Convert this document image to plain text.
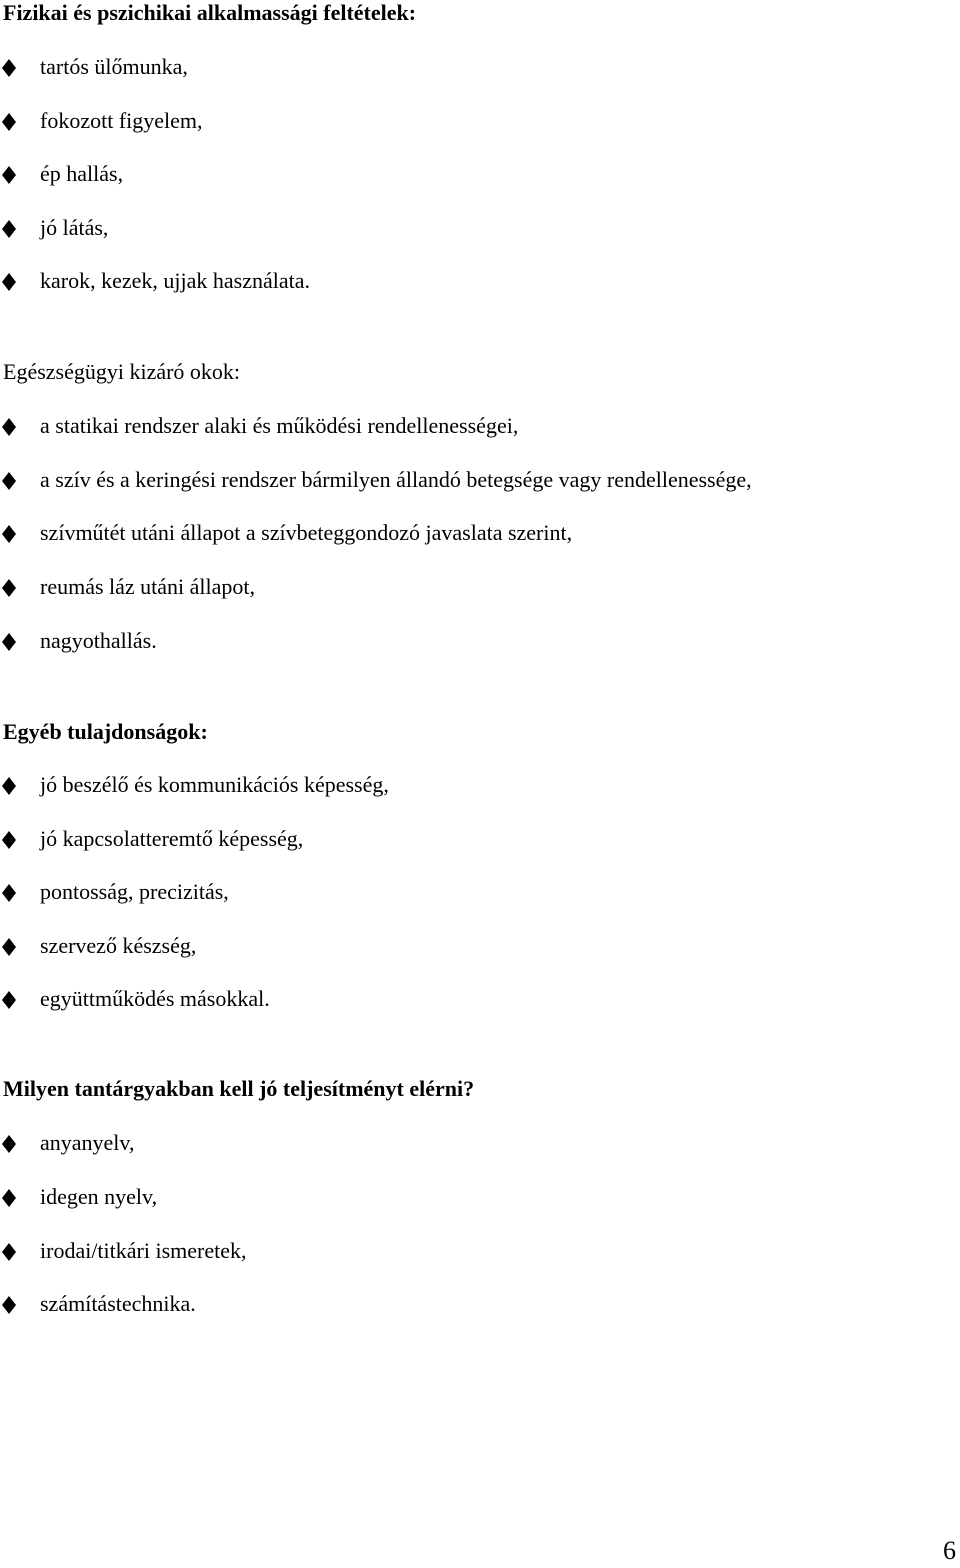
Fizikai és pszichikai alkalmassági feltételek:
tartós ülőmunka,
fokozott figyelem,
ép hallás,
jó látás,
karok, kezek, ujjak használata.
Egészségügyi kizáró okok:
a statikai rendszer alaki és működési rendellenességei,
a szív és a keringési rendszer bármilyen állandó betegsége vagy rendellenessége,
szívműtét utáni állapot a szívbeteggondozó javaslata szerint,
reumás láz utáni állapot,
nagyothallás.
Egyéb tulajdonságok:
jó beszélő és kommunikációs képesség,
jó kapcsolatteremtő képesség,
pontosság, precizitás,
szervező készség,
együttműködés másokkal.
Milyen tantárgyakban kell jó teljesítményt elérni?
anyanyelv,
idegen nyelv,
irodai/titkári ismeretek,
számítástechnika.
6
